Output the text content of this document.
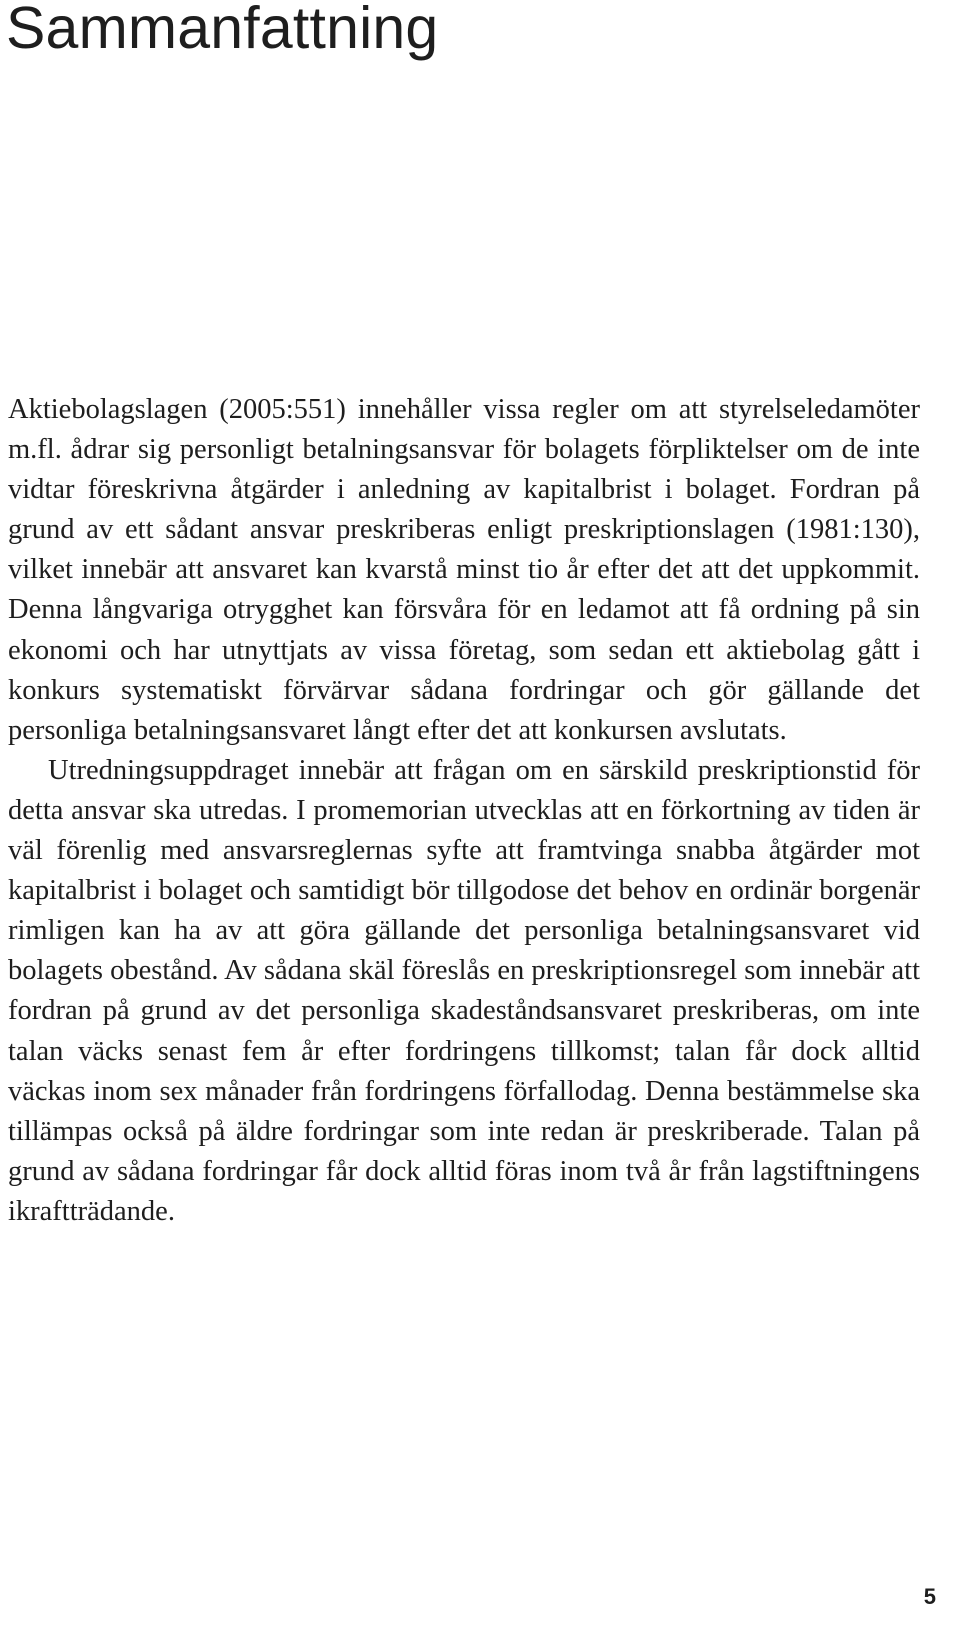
Sammanfattning

Aktiebolagslagen (2005:551) innehåller vissa regler om att styrelseledamöter m.fl. ådrar sig personligt betalningsansvar för bolagets förpliktelser om de inte vidtar föreskrivna åtgärder i anledning av kapitalbrist i bolaget. Fordran på grund av ett sådant ansvar preskriberas enligt preskriptionslagen (1981:130), vilket innebär att ansvaret kan kvarstå minst tio år efter det att det uppkommit. Denna långvariga otrygghet kan försvåra för en ledamot att få ordning på sin ekonomi och har utnyttjats av vissa företag, som sedan ett aktiebolag gått i konkurs systematiskt förvärvar sådana fordringar och gör gällande det personliga betalningsansvaret långt efter det att konkursen avslutats.

Utredningsuppdraget innebär att frågan om en särskild preskriptionstid för detta ansvar ska utredas. I promemorian utvecklas att en förkortning av tiden är väl förenlig med ansvarsreglernas syfte att framtvinga snabba åtgärder mot kapitalbrist i bolaget och samtidigt bör tillgodose det behov en ordinär borgenär rimligen kan ha av att göra gällande det personliga betalningsansvaret vid bolagets obestånd. Av sådana skäl föreslås en preskriptionsregel som innebär att fordran på grund av det personliga skadeståndsansvaret preskriberas, om inte talan väcks senast fem år efter fordringens tillkomst; talan får dock alltid väckas inom sex månader från fordringens förfallodag. Denna bestämmelse ska tillämpas också på äldre fordringar som inte redan är preskriberade. Talan på grund av sådana fordringar får dock alltid föras inom två år från lagstiftningens ikraftträdande.

5
